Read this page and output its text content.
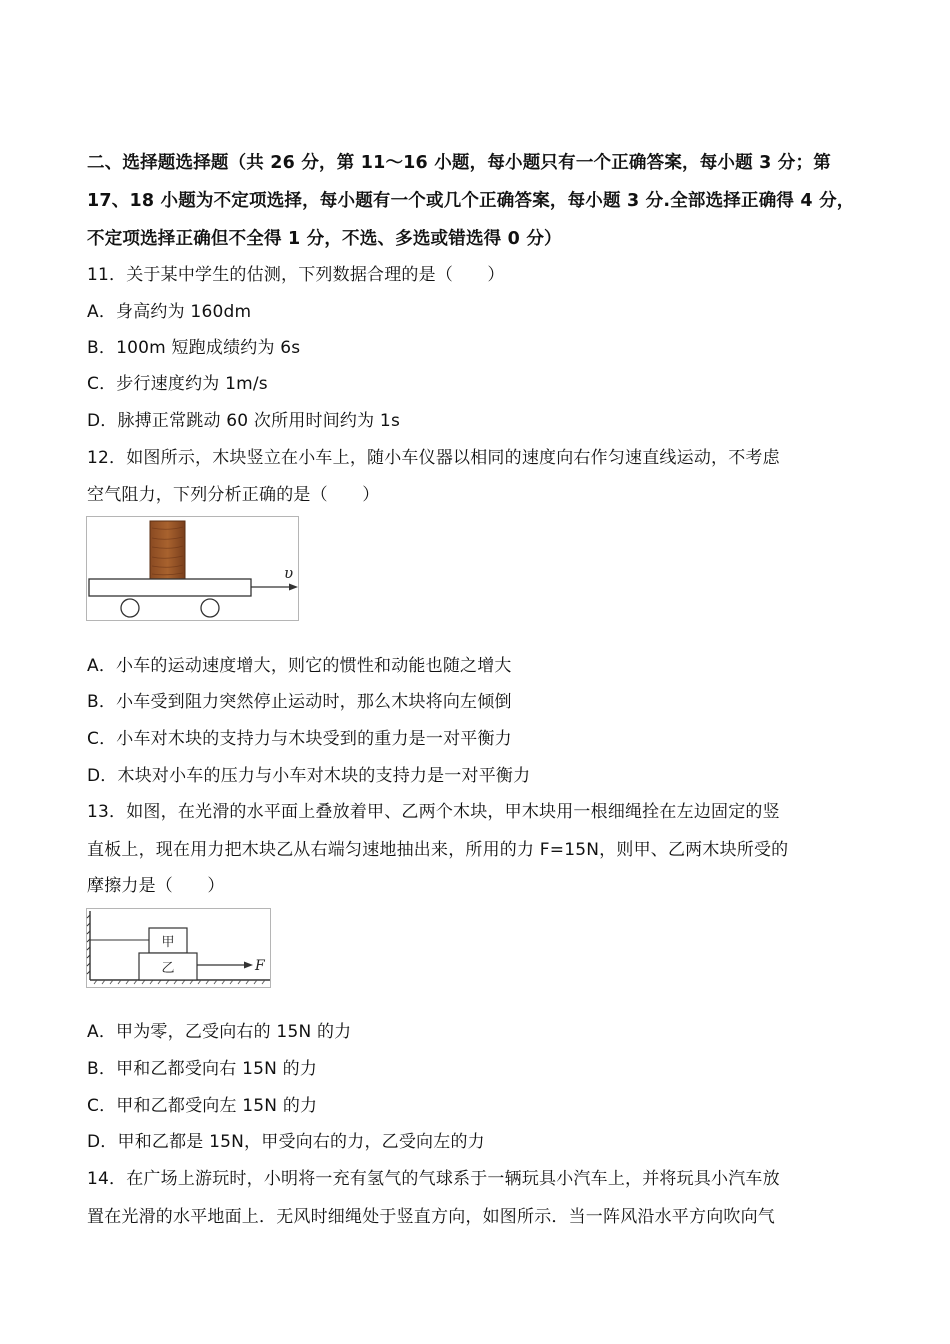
二、选择题选择题（共 26 分，第 11～16 小题，每小题只有一个正确答案，每小题 3 分；第
17、18 小题为不定项选择，每小题有一个或几个正确答案，每小题 3 分.全部选择正确得 4 分，
不定项选择正确但不全得 1 分，不选、多选或错选得 0 分）
11．关于某中学生的估测，下列数据合理的是（　　）
A．身高约为 160dm
B．100m 短跑成绩约为 6s
C．步行速度约为 1m/s
D．脉搏正常跳动 60 次所用时间约为 1s
12．如图所示，木块竖立在小车上，随小车仪器以相同的速度向右作匀速直线运动，不考虑
空气阻力，下列分析正确的是（　　）
υ
A．小车的运动速度增大，则它的惯性和动能也随之增大
B．小车受到阻力突然停止运动时，那么木块将向左倾倒
C．小车对木块的支持力与木块受到的重力是一对平衡力
D．木块对小车的压力与小车对木块的支持力是一对平衡力
13．如图，在光滑的水平面上叠放着甲、乙两个木块，甲木块用一根细绳拴在左边固定的竖
直板上，现在用力把木块乙从右端匀速地抽出来，所用的力 F=15N，则甲、乙两木块所受的
摩擦力是（　　）
甲
乙	F
A．甲为零，乙受向右的 15N 的力
B．甲和乙都受向右 15N 的力
C．甲和乙都受向左 15N 的力
D．甲和乙都是 15N，甲受向右的力，乙受向左的力
14．在广场上游玩时，小明将一充有氢气的气球系于一辆玩具小汽车上，并将玩具小汽车放
置在光滑的水平地面上．无风时细绳处于竖直方向，如图所示．当一阵风沿水平方向吹向气
